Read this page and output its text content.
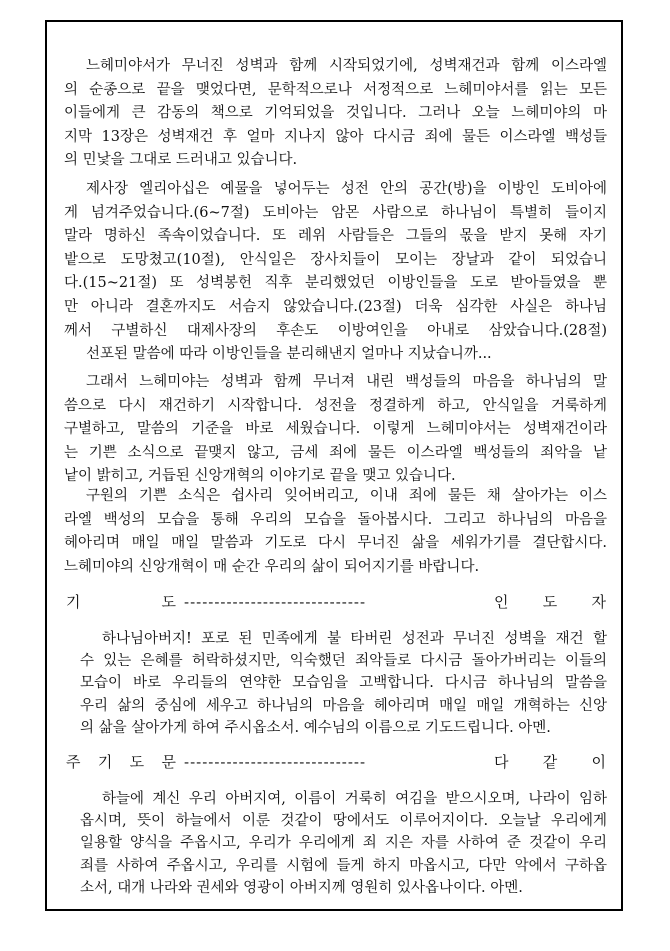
느헤미야서가 무너진 성벽과 함께 시작되었기에, 성벽재건과 함께 이스라엘
의 순종으로 끝을 맺었다면, 문학적으로나 서정적으로 느헤미야서를 읽는 모든
이들에게 큰 감동의 책으로 기억되었을 것입니다. 그러나 오늘 느헤미야의 마
지막 13장은 성벽재건 후 얼마 지나지 않아 다시금 죄에 물든 이스라엘 백성들
의 민낯을 그대로 드러내고 있습니다.
제사장 엘리아십은 예물을 넣어두는 성전 안의 공간(방)을 이방인 도비아에
게 넘겨주었습니다.(6~7절) 도비아는 암몬 사람으로 하나님이 특별히 들이지
말라 명하신 족속이었습니다. 또 레위 사람들은 그들의 몫을 받지 못해 자기
밭으로 도망쳤고(10절), 안식일은 장사치들이 모이는 장날과 같이 되었습니
다.(15~21절) 또 성벽봉헌 직후 분리했었던 이방인들을 도로 받아들였을 뿐
만 아니라 결혼까지도 서슴지 않았습니다.(23절) 더욱 심각한 사실은 하나님
께서 구별하신 대제사장의 후손도 이방여인을 아내로 삼았습니다.(28절)
선포된 말씀에 따라 이방인들을 분리해낸지 얼마나 지났습니까...
그래서 느헤미야는 성벽과 함께 무너져 내린 백성들의 마음을 하나님의 말
씀으로 다시 재건하기 시작합니다. 성전을 정결하게 하고, 안식일을 거룩하게
구별하고, 말씀의 기준을 바로 세웠습니다. 이렇게 느헤미야서는 성벽재건이라
는 기쁜 소식으로 끝맺지 않고, 금세 죄에 물든 이스라엘 백성들의 죄악을 낱
낱이 밝히고, 거듭된 신앙개혁의 이야기로 끝을 맺고 있습니다.
구원의 기쁜 소식은 쉽사리 잊어버리고, 이내 죄에 물든 채 살아가는 이스
라엘 백성의 모습을 통해 우리의 모습을 돌아봅시다. 그리고 하나님의 마음을
헤아리며 매일 매일 말씀과 기도로 다시 무너진 삶을 세워가기를 결단합시다.
느헤미야의 신앙개혁이 매 순간 우리의 삶이 되어지기를 바랍니다.
기	도 ------------------------------	인 도 자
하나님아버지! 포로 된 민족에게 불 타버린 성전과 무너진 성벽을 재건 할
수 있는 은혜를 허락하셨지만, 익숙했던 죄악들로 다시금 돌아가버리는 이들의
모습이 바로 우리들의 연약한 모습임을 고백합니다. 다시금 하나님의 말씀을
우리 삶의 중심에 세우고 하나님의 마음을 헤아리며 매일 매일 개혁하는 신앙
의 삶을 살아가게 하여 주시옵소서. 예수님의 이름으로 기도드립니다. 아멘.
주 기 도 문 ------------------------------	다 같 이
하늘에 계신 우리 아버지여, 이름이 거룩히 여김을 받으시오며, 나라이 임하
옵시며, 뜻이 하늘에서 이룬 것같이 땅에서도 이루어지이다. 오늘날 우리에게
일용할 양식을 주옵시고, 우리가 우리에게 죄 지은 자를 사하여 준 것같이 우리
죄를 사하여 주옵시고, 우리를 시험에 들게 하지 마옵시고, 다만 악에서 구하옵
소서, 대개 나라와 권세와 영광이 아버지께 영원히 있사옵나이다. 아멘.
